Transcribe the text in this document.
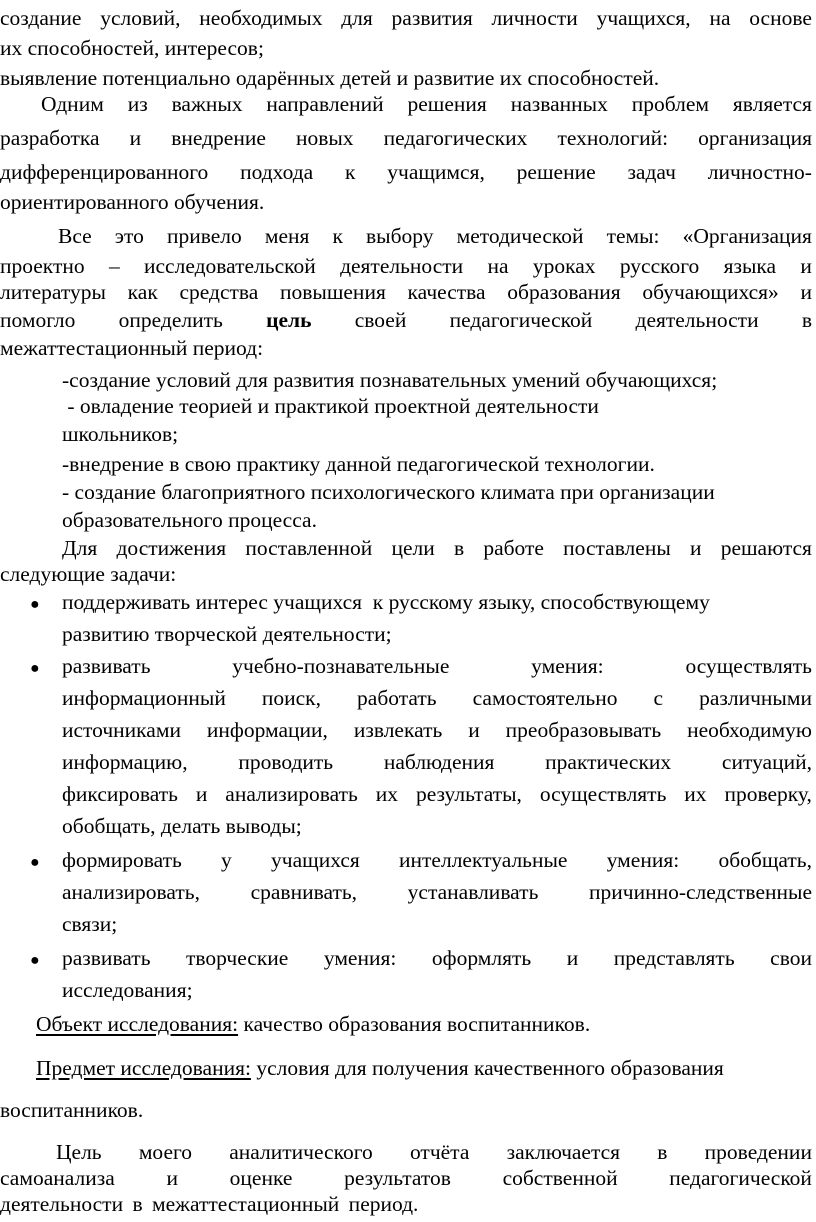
создание условий, необходимых для развития личности учащихся, на основе
их способностей, интересов;
выявление потенциально одарённых детей и развитие их способностей.
Одним из важных направлений решения названных проблем является
разработка и внедрение новых педагогических технологий: организация
дифференцированного подхода к учащимся, решение задач личностно-
ориентированного обучения.
Все это привело меня к выбору методической темы: «Организация
проектно – исследовательской деятельности на уроках русского языка и
литературы как средства повышения качества образования обучающихся» и
помогло определить цель своей педагогической деятельности в
межаттестационный период:
-создание условий для развития познавательных умений обучающихся;
- овладение теорией и практикой проектной деятельности
школьников;
-внедрение в свою практику данной педагогической технологии.
- создание благоприятного психологического климата при организации
образовательного процесса.
Для достижения поставленной цели в работе поставлены и решаются
следующие задачи:
● поддерживать интерес учащихся  к русскому языку, способствующему
развитию творческой деятельности;
● развивать	учебно-познавательные	умения:	осуществлять
информационный поиск, работать самостоятельно с различными
источниками информации, извлекать и преобразовывать необходимую
информацию, проводить наблюдения практических ситуаций,
фиксировать и анализировать их результаты, осуществлять их проверку,
обобщать, делать выводы;
● формировать у учащихся интеллектуальные умения: обобщать,
анализировать, сравнивать, устанавливать причинно-следственные
связи;
● развивать творческие умения: оформлять и представлять свои
исследования;
Объект исследования: качество образования воспитанников.
Предмет исследования: условия для получения качественного образования
воспитанников.
Цель моего аналитического отчёта заключается в проведении
самоанализа и оценке результатов собственной педагогической
деятельности в межаттестационный период.
